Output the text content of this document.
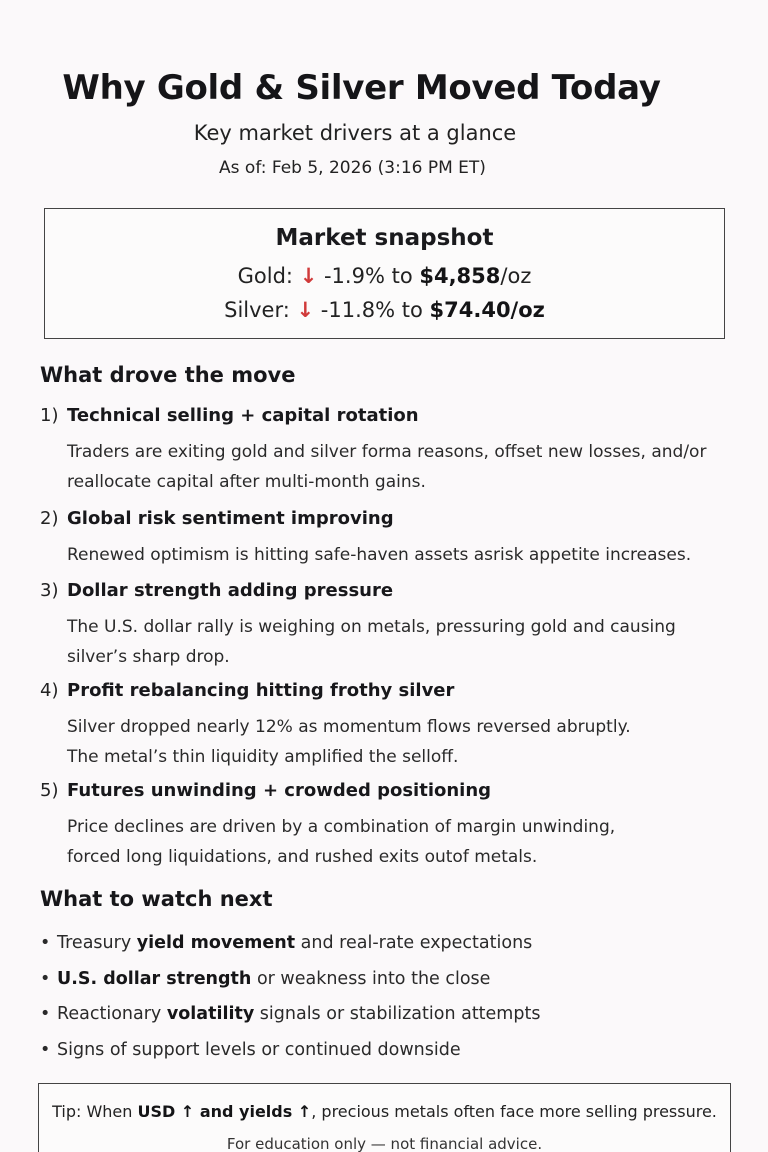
Why Gold & Silver Moved Today
Key market drivers at a glance
As of: Feb 5, 2026 (3:16 PM ET)
Market snapshot
Gold: ↓ -1.9% to $4,858/oz
Silver: ↓ -11.8% to $74.40/oz
What drove the move
1) Technical selling + capital rotation
Traders are exiting gold and silver forma reasons, offset new losses, and/or reallocate capital after multi-month gains.
2) Global risk sentiment improving
Renewed optimism is hitting safe-haven assets asrisk appetite increases.
3) Dollar strength adding pressure
The U.S. dollar rally is weighing on metals, pressuring gold and causing silver’s sharp drop.
4) Profit rebalancing hitting frothy silver
Silver dropped nearly 12% as momentum flows reversed abruptly. The metal’s thin liquidity amplified the selloff.
5) Futures unwinding + crowded positioning
Price declines are driven by a combination of margin unwinding, forced long liquidations, and rushed exits outof metals.
What to watch next
• Treasury yield movement and real-rate expectations
• U.S. dollar strength or weakness into the close
• Reactionary volatility signals or stabilization attempts
• Signs of support levels or continued downside
Tip: When USD ↑ and yields ↑, precious metals often face more selling pressure.
For education only — not financial advice.
